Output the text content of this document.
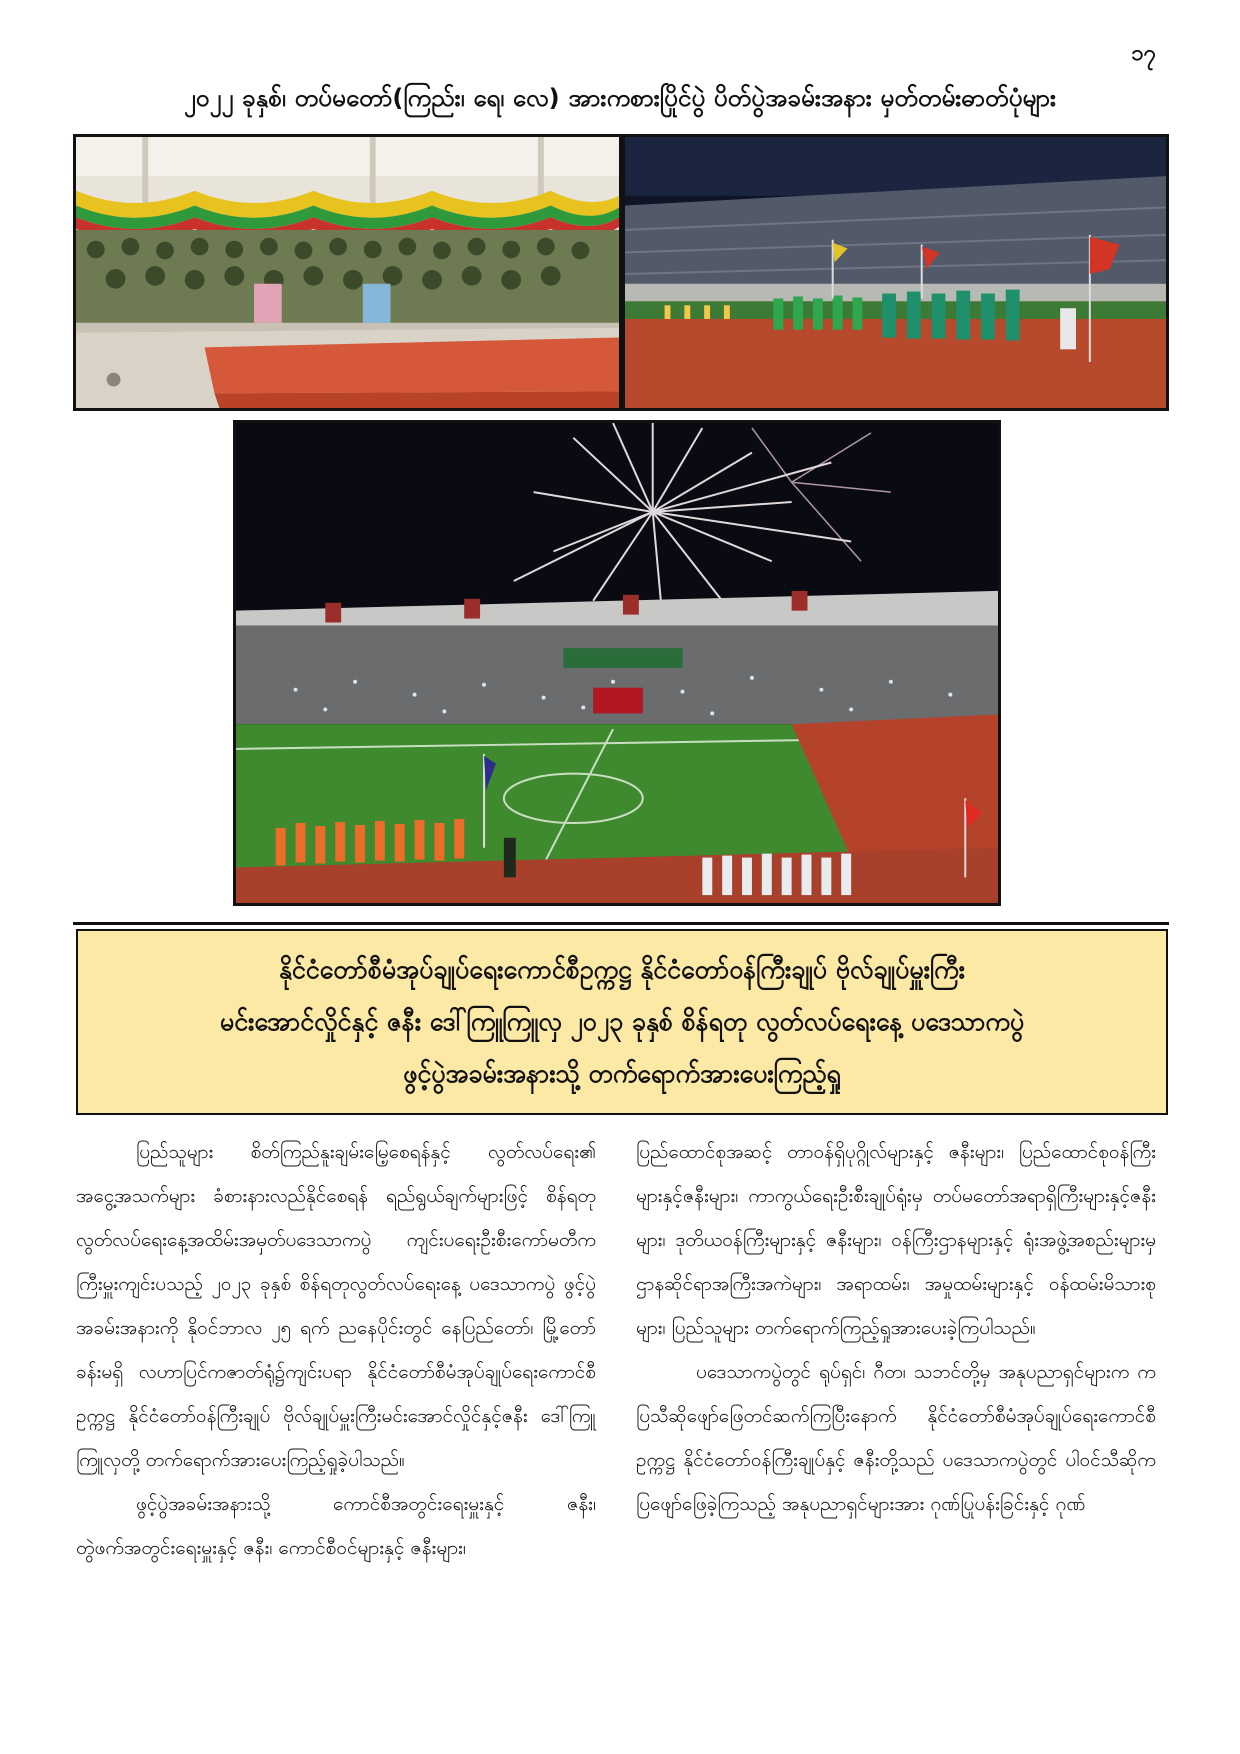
၁၇
၂၀၂၂ ခုနှစ်၊ တပ်မတော်(ကြည်း၊ ရေ၊ လေ) အားကစားပြိုင်ပွဲ ပိတ်ပွဲအခမ်းအနား မှတ်တမ်းဓာတ်ပုံများ
နိုင်ငံတော်စီမံအုပ်ချုပ်ရေးကောင်စီဥက္ကဋ္ဌ နိုင်ငံတော်ဝန်ကြီးချုပ် ဗိုလ်ချုပ်မှူးကြီး
မင်းအောင်လှိုင်နှင့် ဇနီး ဒေါ်ကြူကြူလှ ၂၀၂၃ ခုနှစ် စိန်ရတု လွတ်လပ်ရေးနေ့ ပဒေသာကပွဲ
ဖွင့်ပွဲအခမ်းအနားသို့ တက်ရောက်အားပေးကြည့်ရှု

ပြည်သူများ စိတ်ကြည်နူးချမ်းမြေ့စေရန်နှင့် လွတ်လပ်ရေး၏ အငွေ့အသက်များ ခံစားနားလည်နိုင်စေရန် ရည်ရွယ်ချက်များဖြင့် စိန်ရတုလွတ်လပ်ရေးနေ့အထိမ်းအမှတ်ပဒေသာကပွဲ ကျင်းပရေးဦးစီးကော်မတီက ကြီးမှူးကျင်းပသည့် ၂၀၂၃ ခုနှစ် စိန်ရတုလွတ်လပ်ရေးနေ့ ပဒေသာကပွဲ ဖွင့်ပွဲအခမ်းအနားကို နိုဝင်ဘာလ ၂၅ ရက် ညနေပိုင်းတွင် နေပြည်တော်၊ မြို့တော်ခန်းမရှိ လဟာပြင်ကဇာတ်ရုံ၌ကျင်းပရာ နိုင်ငံတော်စီမံအုပ်ချုပ်ရေးကောင်စီဥက္ကဋ္ဌ နိုင်ငံတော်ဝန်ကြီးချုပ် ဗိုလ်ချုပ်မှူးကြီးမင်းအောင်လှိုင်နှင့်ဇနီး ဒေါ်ကြူကြူလှတို့ တက်ရောက်အားပေးကြည့်ရှုခဲ့ပါသည်။

ဖွင့်ပွဲအခမ်းအနားသို့ ကောင်စီအတွင်းရေးမှူးနှင့် ဇနီး၊ တွဲဖက်အတွင်းရေးမှူးနှင့် ဇနီး၊ ကောင်စီဝင်များနှင့် ဇနီးများ၊

ပြည်ထောင်စုအဆင့် တာဝန်ရှိပုဂ္ဂိုလ်များနှင့် ဇနီးများ၊ ပြည်ထောင်စုဝန်ကြီးများနှင့်ဇနီးများ၊ ကာကွယ်ရေးဦးစီးချုပ်ရုံးမှ တပ်မတော်အရာရှိကြီးများနှင့်ဇနီးများ၊ ဒုတိယဝန်ကြီးများနှင့် ဇနီးများ၊ ဝန်ကြီးဌာနများနှင့် ရုံးအဖွဲ့အစည်းများမှ ဌာနဆိုင်ရာအကြီးအကဲများ၊ အရာထမ်း၊ အမှုထမ်းများနှင့် ဝန်ထမ်းမိသားစုများ၊ ပြည်သူများ တက်ရောက်ကြည့်ရှုအားပေးခဲ့ကြပါသည်။

ပဒေသာကပွဲတွင် ရုပ်ရှင်၊ ဂီတ၊ သဘင်တို့မှ အနုပညာရှင်များက ကပြသီဆိုဖျော်ဖြေတင်ဆက်ကြပြီးနောက် နိုင်ငံတော်စီမံအုပ်ချုပ်ရေးကောင်စီဥက္ကဋ္ဌ နိုင်ငံတော်ဝန်ကြီးချုပ်နှင့် ဇနီးတို့သည် ပဒေသာကပွဲတွင် ပါဝင်သီဆိုကပြဖျော်ဖြေခဲ့ကြသည့် အနုပညာရှင်များအား ဂုဏ်ပြုပန်းခြင်းနှင့် ဂုဏ်
